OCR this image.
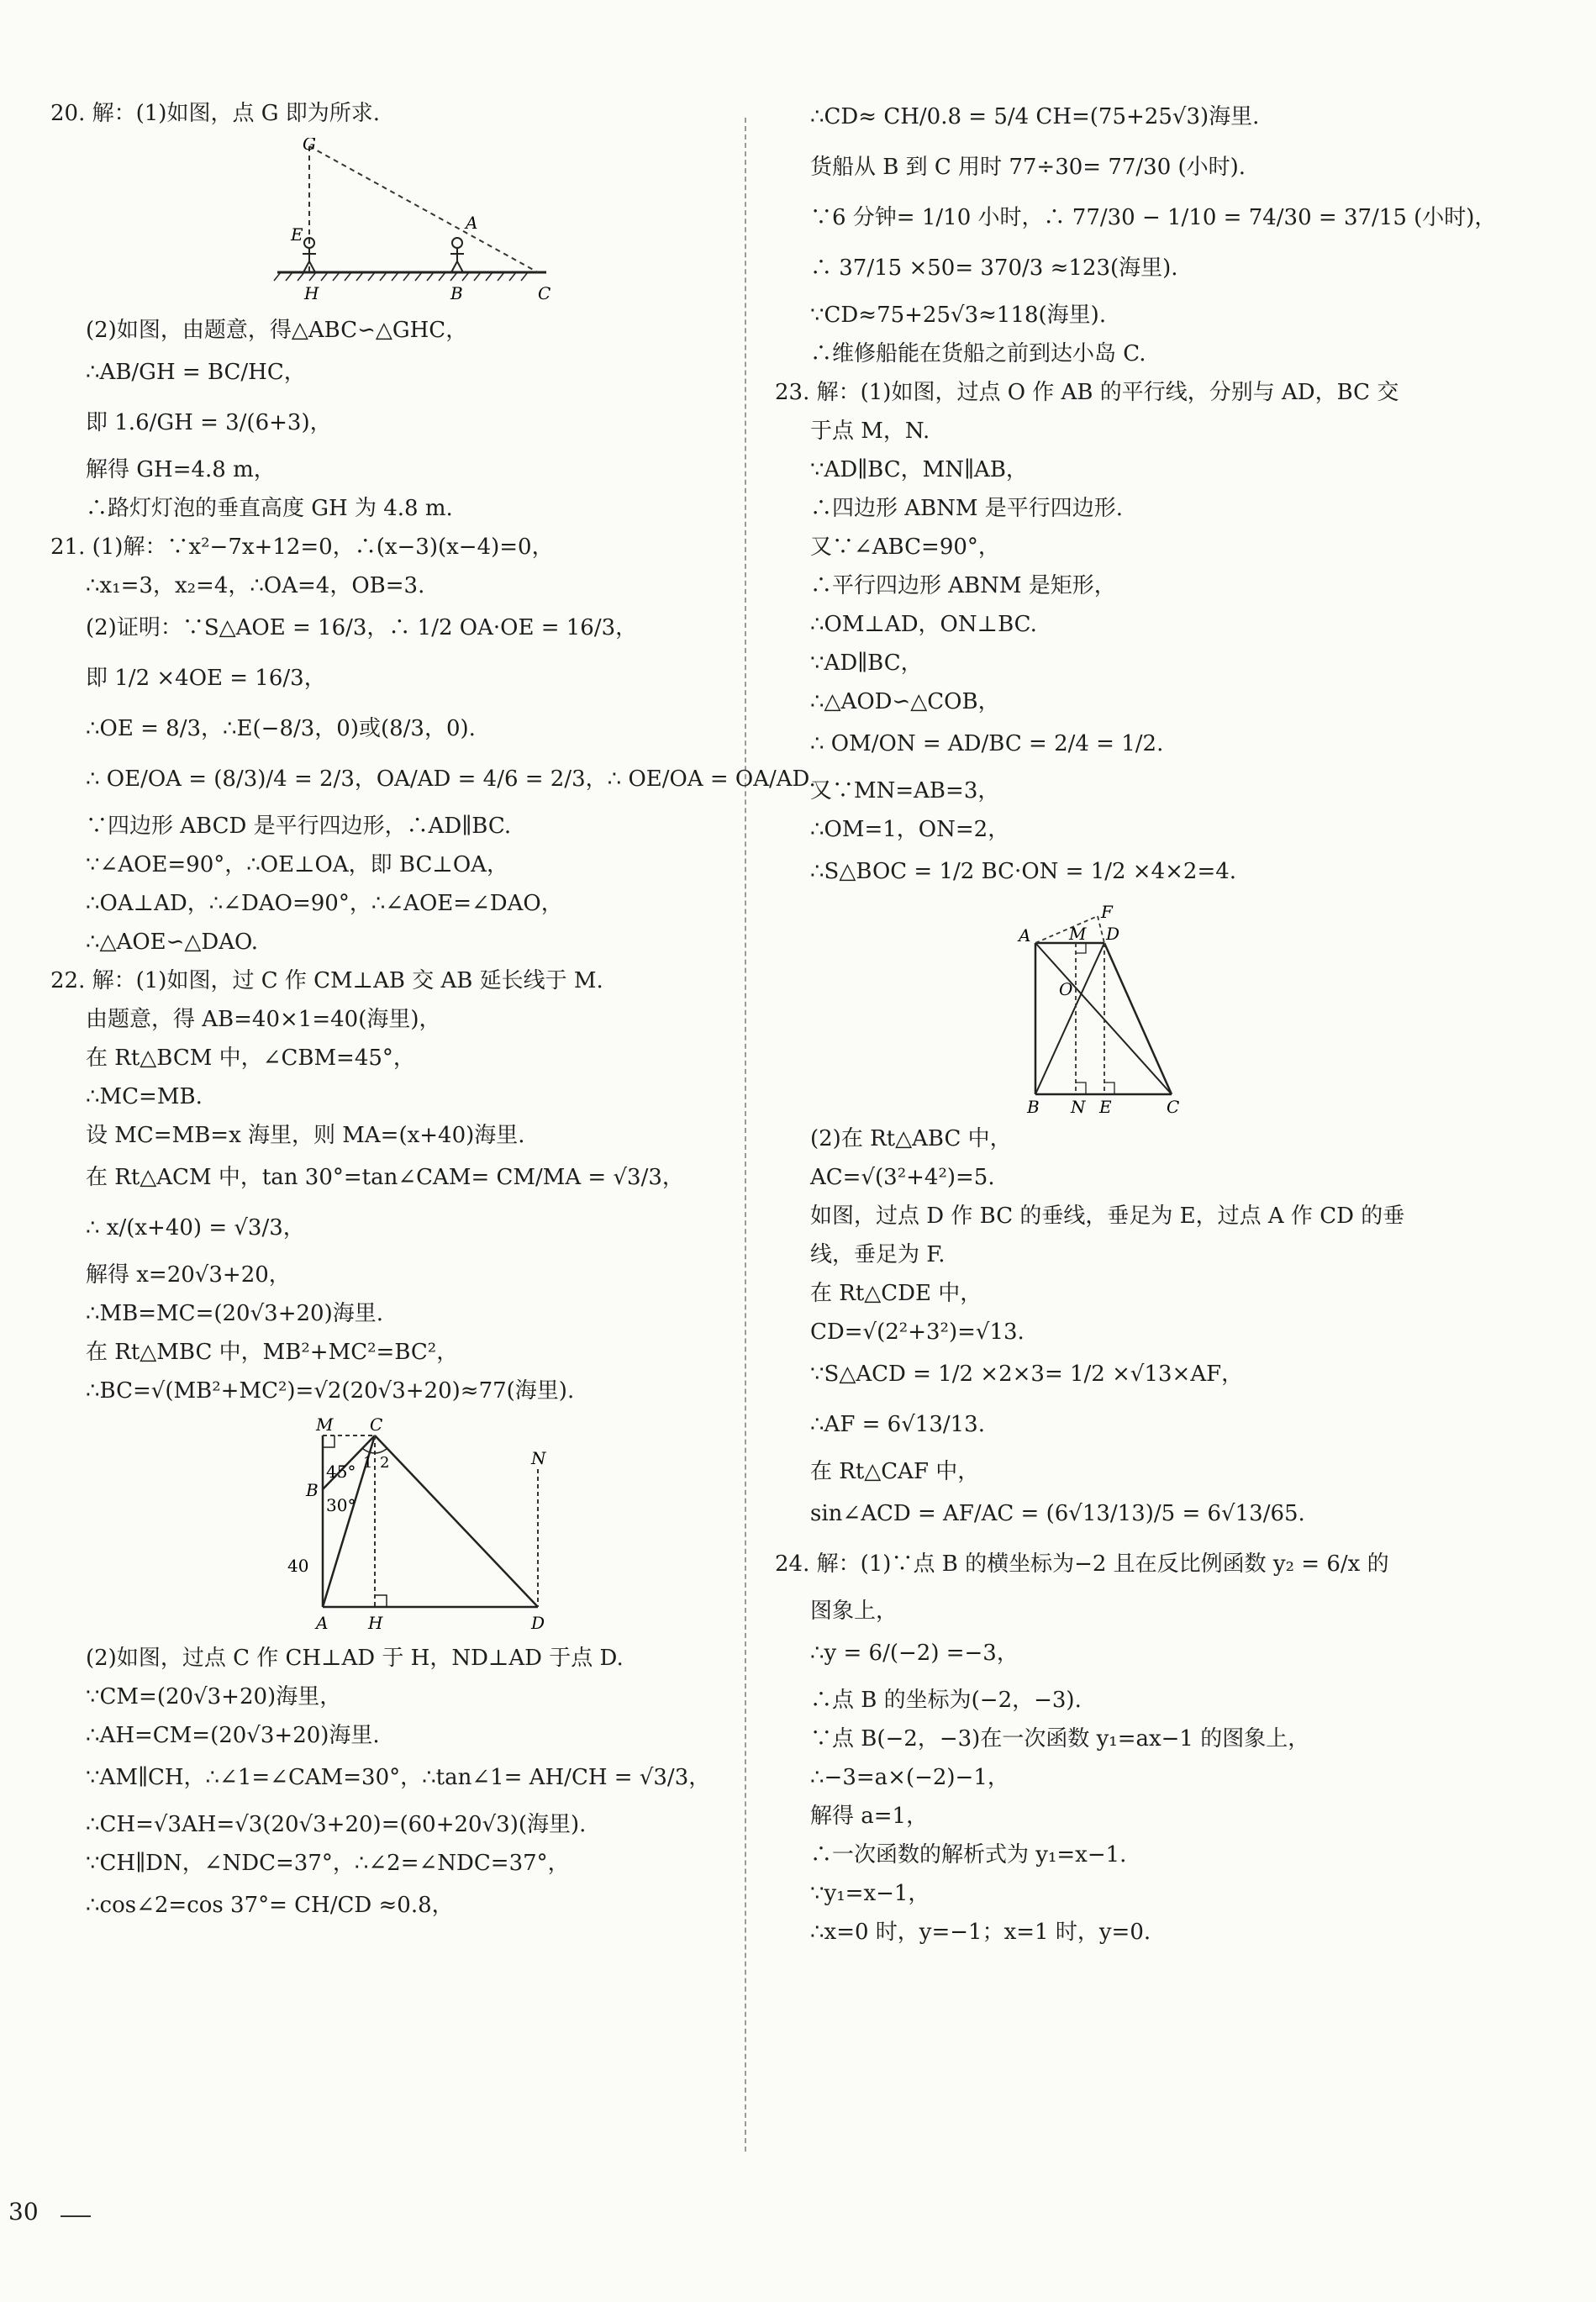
20. 解：(1)如图，点 G 即为所求.
G
E
A
H	B	C
(2)如图，由题意，得△ABC∽△GHC，
∴AB/GH = BC/HC，
即 1.6/GH = 3/(6+3)，
解得 GH=4.8 m，
∴路灯灯泡的垂直高度 GH 为 4.8 m.
21. (1)解：∵x²−7x+12=0，∴(x−3)(x−4)=0，
∴x₁=3，x₂=4，∴OA=4，OB=3.
(2)证明：∵S△AOE = 16/3，∴ 1/2 OA·OE = 16/3，
即 1/2 ×4OE = 16/3，
∴OE = 8/3，∴E(−8/3，0)或(8/3，0).
∴ OE/OA = (8/3)/4 = 2/3，OA/AD = 4/6 = 2/3，∴ OE/OA = OA/AD.
∵四边形 ABCD 是平行四边形，∴AD∥BC.
∵∠AOE=90°，∴OE⊥OA，即 BC⊥OA，
∴OA⊥AD，∴∠DAO=90°，∴∠AOE=∠DAO，
∴△AOE∽△DAO.
22. 解：(1)如图，过 C 作 CM⊥AB 交 AB 延长线于 M.
由题意，得 AB=40×1=40(海里)，
在 Rt△BCM 中，∠CBM=45°，
∴MC=MB.
设 MC=MB=x 海里，则 MA=(x+40)海里.
在 Rt△ACM 中，tan 30°=tan∠CAM= CM/MA = √3/3，
∴ x/(x+40) = √3/3，
解得 x=20√3+20，
∴MB=MC=(20√3+20)海里.
在 Rt△MBC 中，MB²+MC²=BC²，
∴BC=√(MB²+MC²)=√2(20√3+20)≈77(海里).
M C
N
B
A H	D
45°
30°
40
1 2
(2)如图，过点 C 作 CH⊥AD 于 H，ND⊥AD 于点 D.
∵CM=(20√3+20)海里，
∴AH=CM=(20√3+20)海里.
∵AM∥CH，∴∠1=∠CAM=30°，∴tan∠1= AH/CH = √3/3，
∴CH=√3AH=√3(20√3+20)=(60+20√3)(海里).
∵CH∥DN，∠NDC=37°，∴∠2=∠NDC=37°，
∴cos∠2=cos 37°= CH/CD ≈0.8，
∴CD≈ CH/0.8 = 5/4 CH=(75+25√3)海里.
货船从 B 到 C 用时 77÷30= 77/30 (小时).
∵6 分钟= 1/10 小时，∴ 77/30 − 1/10 = 74/30 = 37/15 (小时)，
∴ 37/15 ×50= 370/3 ≈123(海里).
∵CD≈75+25√3≈118(海里).
∴维修船能在货船之前到达小岛 C.
23. 解：(1)如图，过点 O 作 AB 的平行线，分别与 AD，BC 交
于点 M，N.
∵AD∥BC，MN∥AB，
∴四边形 ABNM 是平行四边形.
又∵∠ABC=90°，
∴平行四边形 ABNM 是矩形，
∴OM⊥AD，ON⊥BC.
∵AD∥BC，
∴△AOD∽△COB，
∴ OM/ON = AD/BC = 2/4 = 1/2.
又∵MN=AB=3，
∴OM=1，ON=2，
∴S△BOC = 1/2 BC·ON = 1/2 ×4×2=4.
A M D
F
O
B N E	C
(2)在 Rt△ABC 中，
AC=√(3²+4²)=5.
如图，过点 D 作 BC 的垂线，垂足为 E，过点 A 作 CD 的垂
线，垂足为 F.
在 Rt△CDE 中，
CD=√(2²+3²)=√13.
∵S△ACD = 1/2 ×2×3= 1/2 ×√13×AF，
∴AF = 6√13/13.
在 Rt△CAF 中，
sin∠ACD = AF/AC = (6√13/13)/5 = 6√13/65.
24. 解：(1)∵点 B 的横坐标为−2 且在反比例函数 y₂ = 6/x 的
图象上，
∴y = 6/(−2) =−3，
∴点 B 的坐标为(−2，−3).
∵点 B(−2，−3)在一次函数 y₁=ax−1 的图象上，
∴−3=a×(−2)−1，
解得 a=1，
∴一次函数的解析式为 y₁=x−1.
∵y₁=x−1，
∴x=0 时，y=−1；x=1 时，y=0.
30
